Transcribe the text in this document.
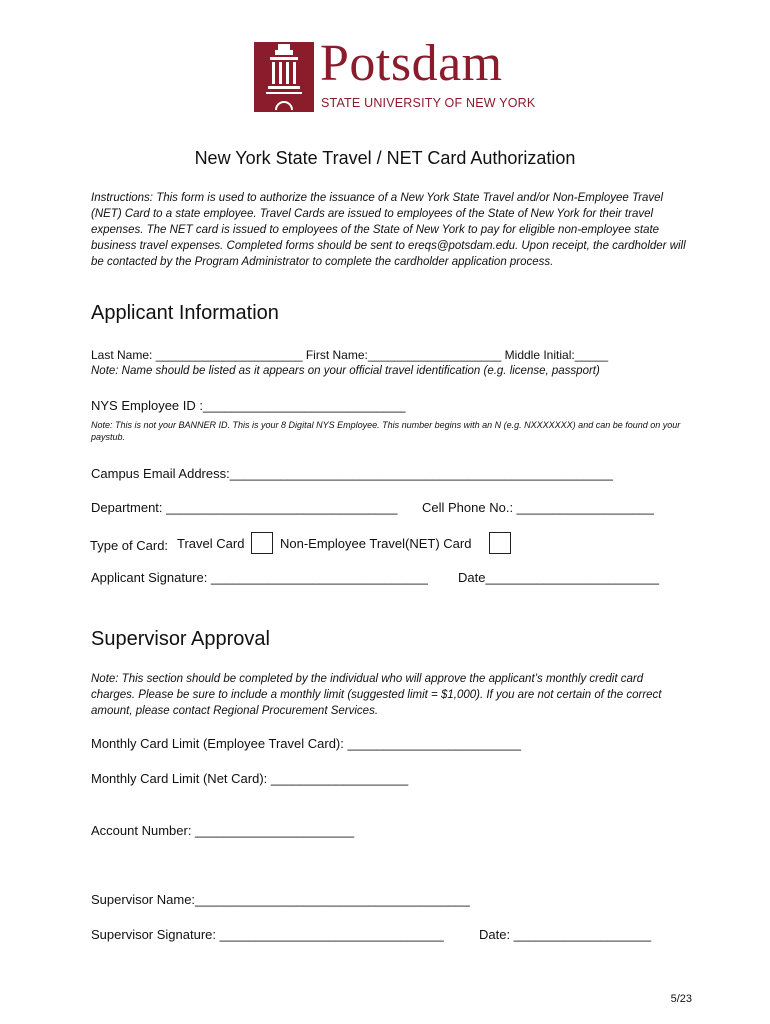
Potsdam
STATE UNIVERSITY OF NEW YORK
New York State Travel / NET Card Authorization
Instructions: This form is used to authorize the issuance of a New York State Travel and/or Non-Employee Travel (NET) Card to a state employee. Travel Cards are issued to employees of the State of New York for their travel expenses. The NET card is issued to employees of the State of New York to pay for eligible non-employee state business travel expenses. Completed forms should be sent to ereqs@potsdam.edu. Upon receipt, the cardholder will be contacted by the Program Administrator to complete the cardholder application process.
Applicant Information
Last Name: ______________________ First Name:____________________ Middle Initial:_____
Note: Name should be listed as it appears on your official travel identification (e.g. license, passport)
NYS Employee ID :____________________________
Note: This is not your BANNER ID. This is your 8 Digital NYS Employee. This number begins with an N (e.g. NXXXXXXX) and can be found on your paystub.
Campus Email Address:_____________________________________________________
Department: ________________________________ Cell Phone No.: ___________________
Type of Card: Travel Card	Non-Employee Travel(NET) Card
Applicant Signature: ______________________________ Date________________________
Supervisor Approval
Note: This section should be completed by the individual who will approve the applicant’s monthly credit card charges. Please be sure to include a monthly limit (suggested limit = $1,000). If you are not certain of the correct amount, please contact Regional Procurement Services.
Monthly Card Limit (Employee Travel Card): ________________________
Monthly Card Limit (Net Card): ___________________
Account Number: ______________________
Supervisor Name:______________________________________
Supervisor Signature: _______________________________	Date: ___________________
5/23
